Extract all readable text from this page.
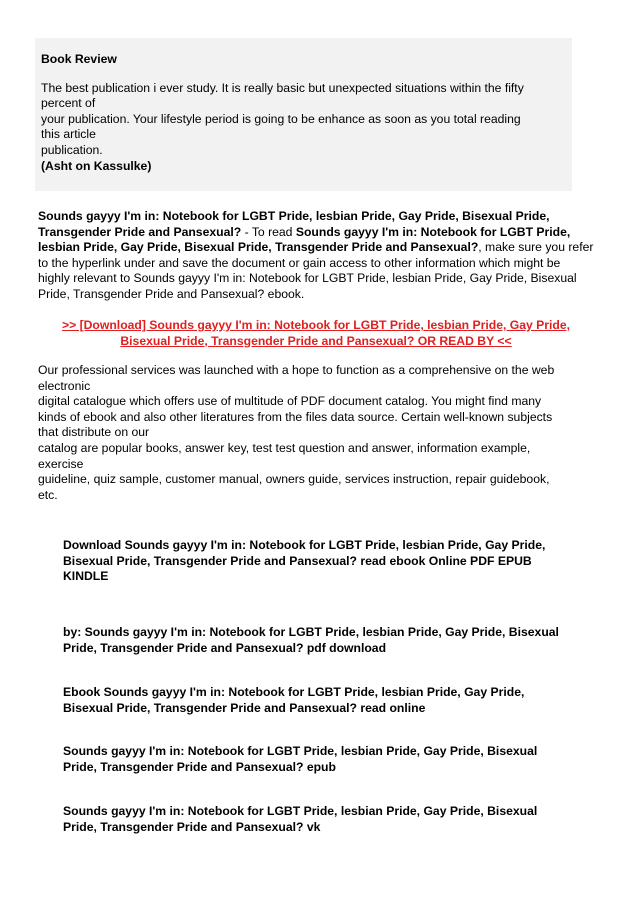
Book Review
The best publication i ever study. It is really basic but unexpected situations within the fifty
percent of
your publication. Your lifestyle period is going to be enhance as soon as you total reading
this article
publication.
(Asht on Kassulke)
Sounds gayyy I'm in: Notebook for LGBT Pride, lesbian Pride, Gay Pride, Bisexual Pride, Transgender Pride and Pansexual? - To read Sounds gayyy I'm in: Notebook for LGBT Pride, lesbian Pride, Gay Pride, Bisexual Pride, Transgender Pride and Pansexual?, make sure you refer to the hyperlink under and save the document or gain access to other information which might be highly relevant to Sounds gayyy I'm in: Notebook for LGBT Pride, lesbian Pride, Gay Pride, Bisexual Pride, Transgender Pride and Pansexual? ebook.
>> [Download] Sounds gayyy I'm in: Notebook for LGBT Pride, lesbian Pride, Gay Pride, Bisexual Pride, Transgender Pride and Pansexual? OR READ BY <<
Our professional services was launched with a hope to function as a comprehensive on the web
electronic
digital catalogue which offers use of multitude of PDF document catalog. You might find many
kinds of ebook and also other literatures from the files data source. Certain well-known subjects
that distribute on our
catalog are popular books, answer key, test test question and answer, information example,
exercise
guideline, quiz sample, customer manual, owners guide, services instruction, repair guidebook,
etc.
Download Sounds gayyy I'm in: Notebook for LGBT Pride, lesbian Pride, Gay Pride,
Bisexual Pride, Transgender Pride and Pansexual? read ebook Online PDF EPUB
KINDLE
by: Sounds gayyy I'm in: Notebook for LGBT Pride, lesbian Pride, Gay Pride, Bisexual
Pride, Transgender Pride and Pansexual? pdf download
Ebook Sounds gayyy I'm in: Notebook for LGBT Pride, lesbian Pride, Gay Pride,
Bisexual Pride, Transgender Pride and Pansexual? read online
Sounds gayyy I'm in: Notebook for LGBT Pride, lesbian Pride, Gay Pride, Bisexual
Pride, Transgender Pride and Pansexual? epub
Sounds gayyy I'm in: Notebook for LGBT Pride, lesbian Pride, Gay Pride, Bisexual
Pride, Transgender Pride and Pansexual? vk
